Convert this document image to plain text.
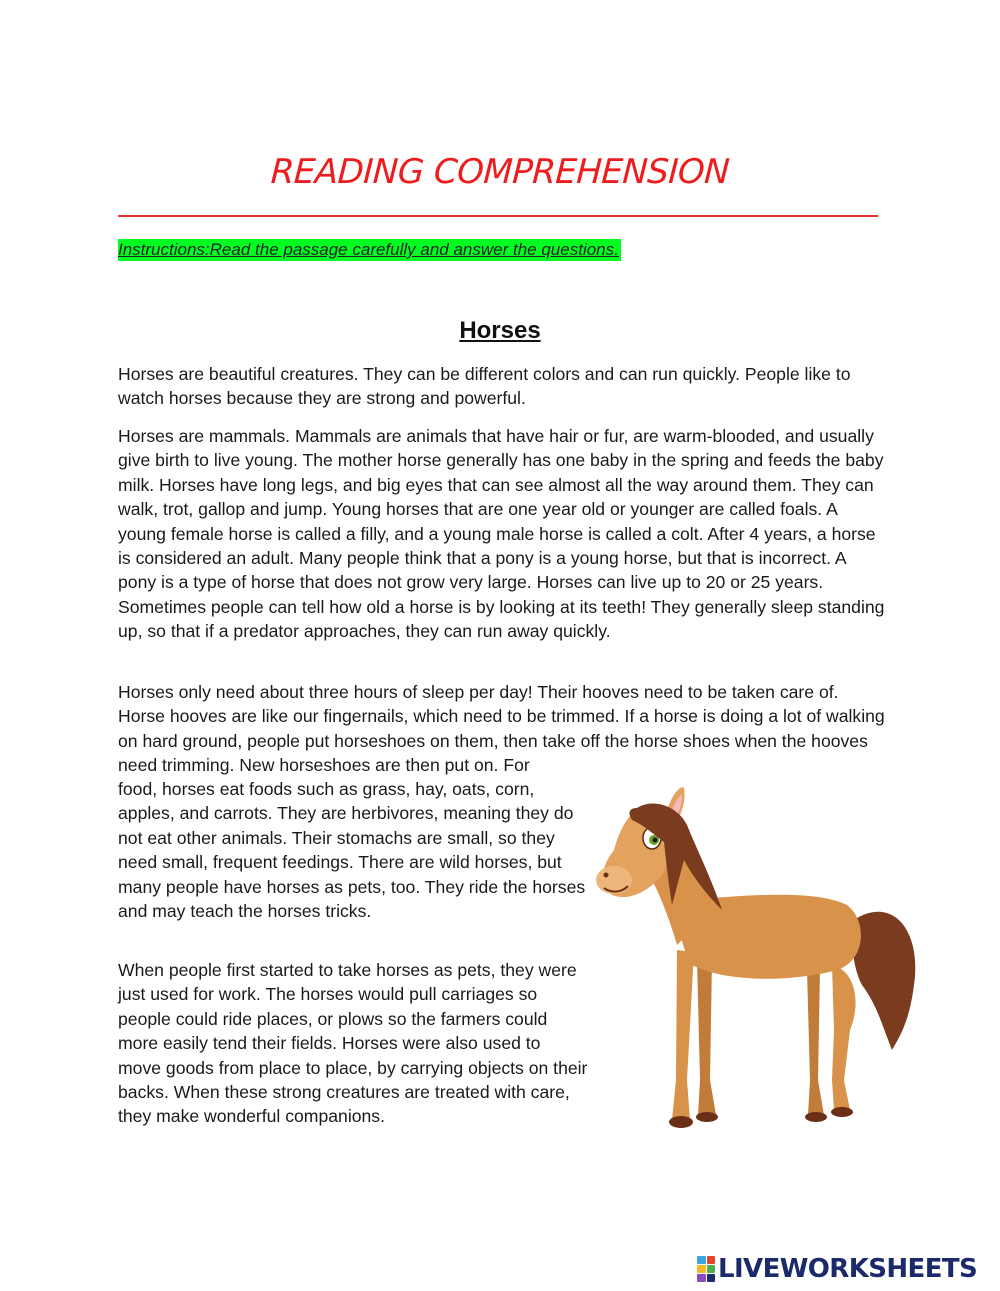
READING COMPREHENSION
Instructions:Read the passage carefully and answer the questions.
Horses

Horses are beautiful creatures. They can be different colors and can run quickly. People like to watch horses because they are strong and powerful.

Horses are mammals. Mammals are animals that have hair or fur, are warm-blooded, and usually give birth to live young. The mother horse generally has one baby in the spring and feeds the baby milk. Horses have long legs, and big eyes that can see almost all the way around them. They can walk, trot, gallop and jump. Young horses that are one year old or younger are called foals. A young female horse is called a filly, and a young male horse is called a colt. After 4 years, a horse is considered an adult. Many people think that a pony is a young horse, but that is incorrect. A pony is a type of horse that does not grow very large. Horses can live up to 20 or 25 years. Sometimes people can tell how old a horse is by looking at its teeth! They generally sleep standing up, so that if a predator approaches, they can run away quickly.

Horses only need about three hours of sleep per day! Their hooves need to be taken care of. Horse hooves are like our fingernails, which need to be trimmed. If a horse is doing a lot of walking on hard ground, people put horseshoes on them, then take off the horse shoes when the hooves need trimming. New horseshoes are then put on. For

food, horses eat foods such as grass, hay, oats, corn, apples, and carrots. They are herbivores, meaning they do not eat other animals. Their stomachs are small, so they need small, frequent feedings. There are wild horses, but many people have horses as pets, too. They ride the horses and may teach the horses tricks.

When people first started to take horses as pets, they were just used for work. The horses would pull carriages so people could ride places, or plows so the farmers could more easily tend their fields. Horses were also used to move goods from place to place, by carrying objects on their backs. When these strong creatures are treated with care, they make wonderful companions.

LIVEWORKSHEETS
